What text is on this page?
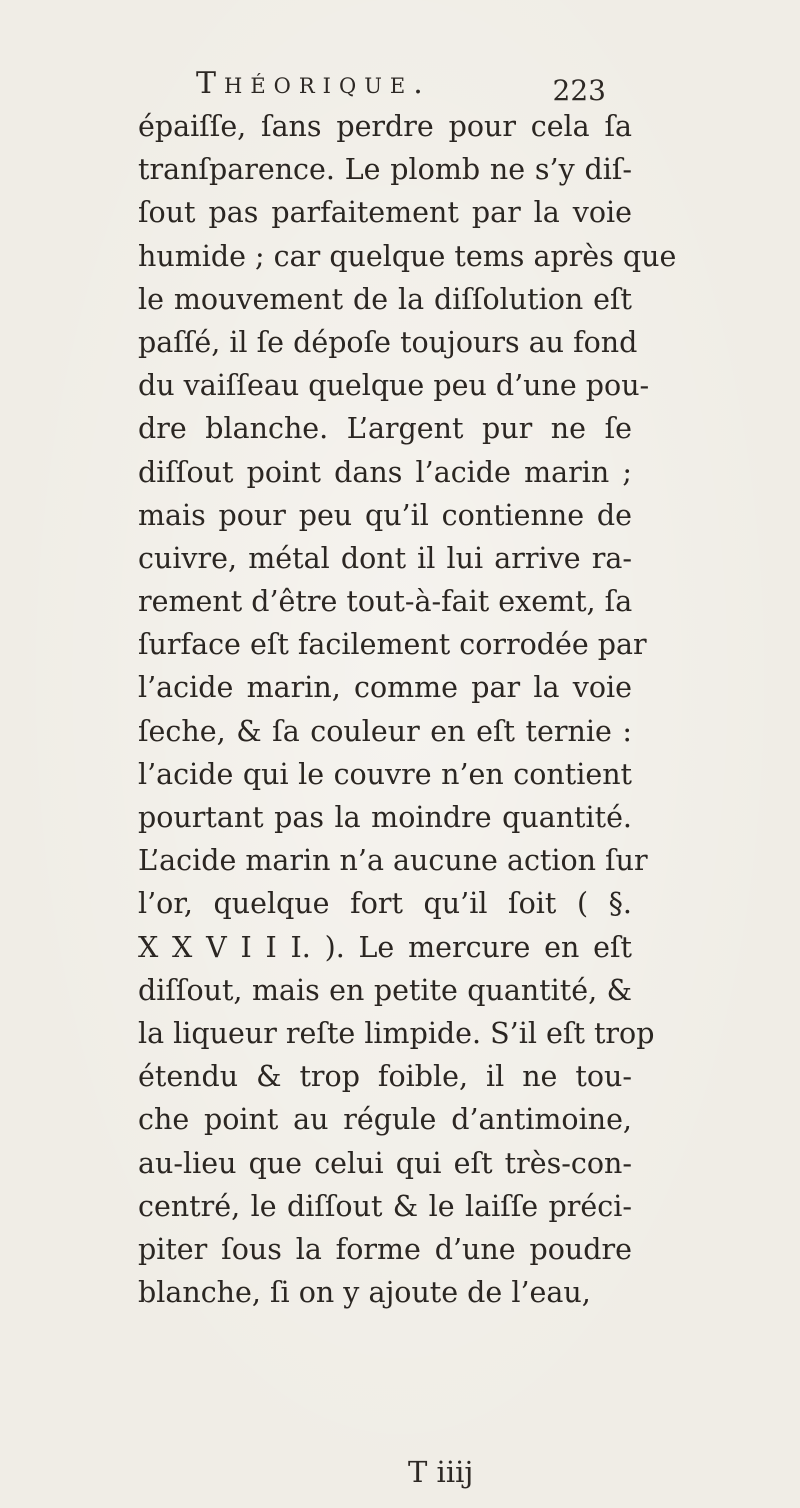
Théorique.	223
épaiſſe, ſans perdre pour cela ſa
tranſparence. Le plomb ne s’y diſ-
ſout pas parfaitement par la voie
humide ; car quelque tems après que
le mouvement de la diſſolution eſt
paſſé, il ſe dépoſe toujours au fond
du vaiſſeau quelque peu d’une pou-
dre blanche. L’argent pur ne ſe
diſſout point dans l’acide marin ;
mais pour peu qu’il contienne de
cuivre, métal dont il lui arrive ra-
rement d’être tout-à-fait exemt, ſa
ſurface eſt facilement corrodée par
l’acide marin, comme par la voie
ſeche, & ſa couleur en eſt ternie :
l’acide qui le couvre n’en contient
pourtant pas la moindre quantité.
L’acide marin n’a aucune action ſur
l’or, quelque fort qu’il ſoit ( §.
X X V I I I. ). Le mercure en eſt
diſſout, mais en petite quantité, &
la liqueur reſte limpide. S’il eſt trop
étendu & trop foible, il ne tou-
che point au régule d’antimoine,
au-lieu que celui qui eſt très-con-
centré, le diſſout & le laiſſe préci-
piter ſous la forme d’une poudre
blanche, ſi on y ajoute de l’eau,
T iiij
